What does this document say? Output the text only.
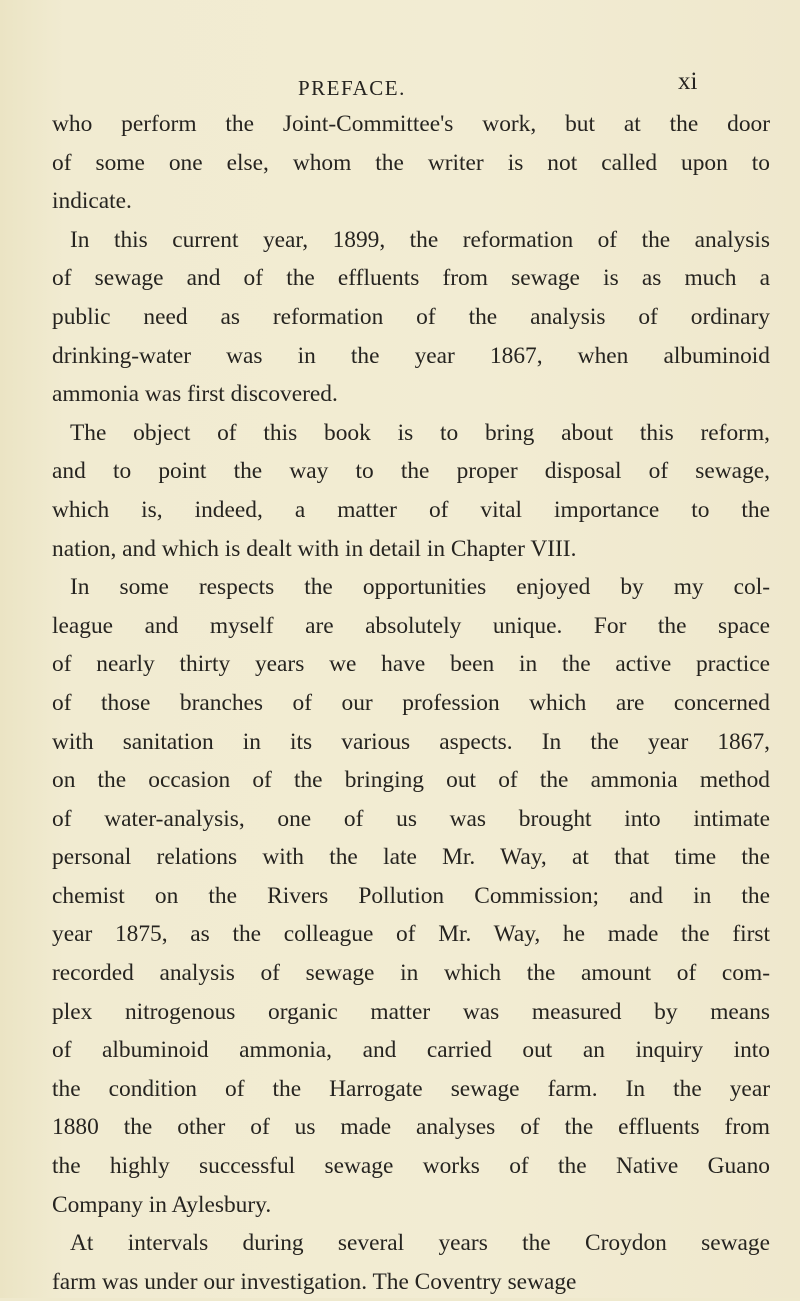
PREFACE.	xi
who perform the Joint-Committee's work, but at the door
of some one else, whom the writer is not called upon to
indicate.
In this current year, 1899, the reformation of the analysis
of sewage and of the effluents from sewage is as much a
public need as reformation of the analysis of ordinary
drinking-water was in the year 1867, when albuminoid
ammonia was first discovered.
The object of this book is to bring about this reform,
and to point the way to the proper disposal of sewage,
which is, indeed, a matter of vital importance to the
nation, and which is dealt with in detail in Chapter VIII.
In some respects the opportunities enjoyed by my col-
league and myself are absolutely unique. For the space
of nearly thirty years we have been in the active practice
of those branches of our profession which are concerned
with sanitation in its various aspects. In the year 1867,
on the occasion of the bringing out of the ammonia method
of water-analysis, one of us was brought into intimate
personal relations with the late Mr. Way, at that time the
chemist on the Rivers Pollution Commission; and in the
year 1875, as the colleague of Mr. Way, he made the first
recorded analysis of sewage in which the amount of com-
plex nitrogenous organic matter was measured by means
of albuminoid ammonia, and carried out an inquiry into
the condition of the Harrogate sewage farm. In the year
1880 the other of us made analyses of the effluents from
the highly successful sewage works of the Native Guano
Company in Aylesbury.
At intervals during several years the Croydon sewage
farm was under our investigation. The Coventry sewage
